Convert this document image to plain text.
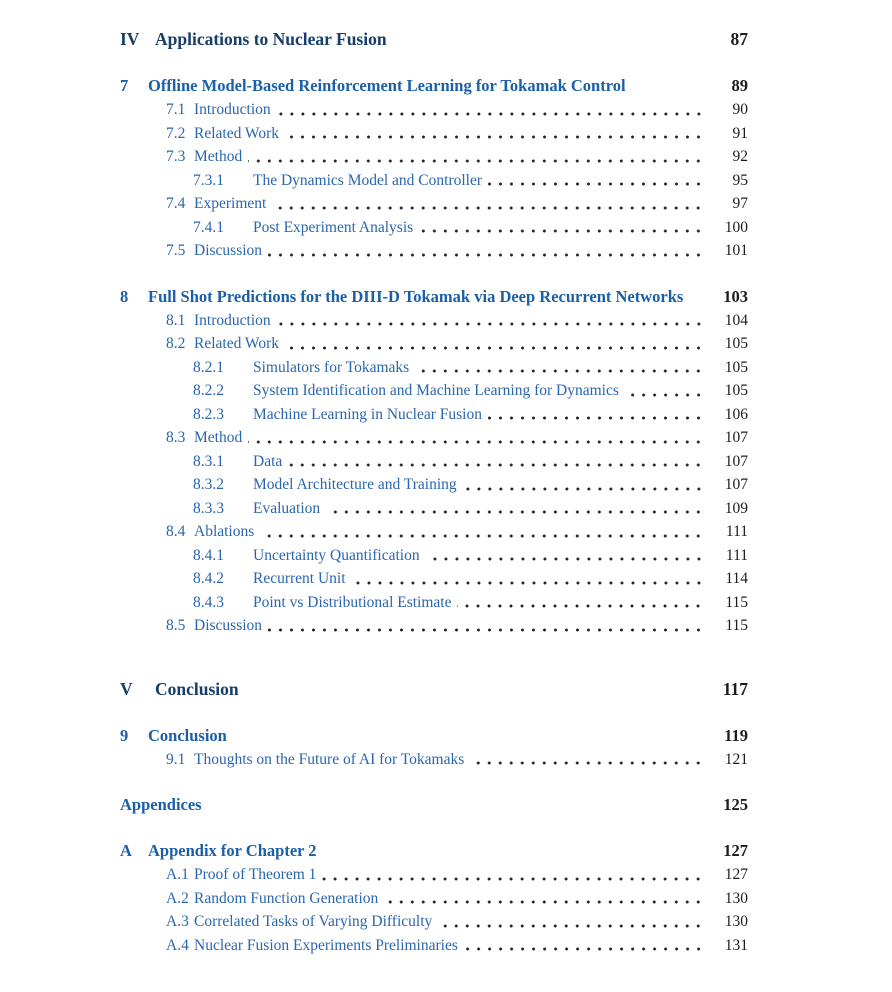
IV Applications to Nuclear Fusion	87
7	Offline Model-Based Reinforcement Learning for Tokamak Control	89
7.1 Introduction	90
7.2 Related Work	91
7.3 Method	92
7.3.1	The Dynamics Model and Controller	95
7.4 Experiment	97
7.4.1	Post Experiment Analysis	100
7.5 Discussion	101
8	Full Shot Predictions for the DIII-D Tokamak via Deep Recurrent Networks	103
8.1 Introduction	104
8.2 Related Work	105
8.2.1	Simulators for Tokamaks	105
8.2.2	System Identification and Machine Learning for Dynamics	105
8.2.3	Machine Learning in Nuclear Fusion	106
8.3 Method	107
8.3.1	Data	107
8.3.2	Model Architecture and Training	107
8.3.3	Evaluation	109
8.4 Ablations	111
8.4.1	Uncertainty Quantification	111
8.4.2	Recurrent Unit	114
8.4.3	Point vs Distributional Estimate	115
8.5 Discussion	115
V	Conclusion	117
9	Conclusion	119
9.1 Thoughts on the Future of AI for Tokamaks	121
Appendices	125
A Appendix for Chapter 2	127
A.1 Proof of Theorem 1	127
A.2 Random Function Generation	130
A.3 Correlated Tasks of Varying Difficulty	130
A.4 Nuclear Fusion Experiments Preliminaries	131
